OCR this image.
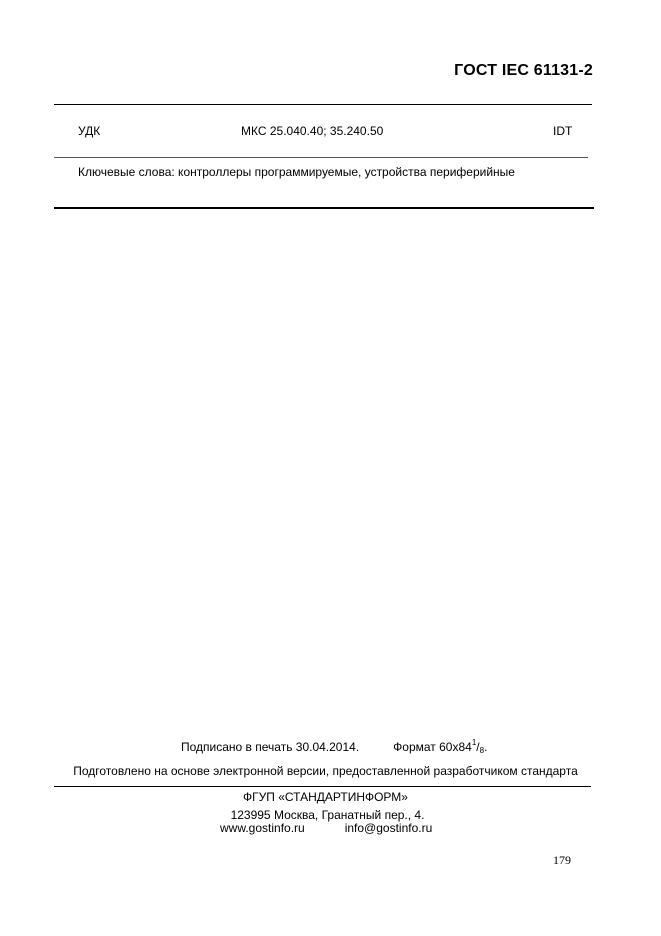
ГОСТ IEC 61131-2
УДК	МКС 25.040.40; 35.240.50	IDT
Ключевые слова: контроллеры программируемые, устройства периферийные
Подписано в печать 30.04.2014.	Формат $60х84^1/8$.
Подготовлено на основе электронной версии, предоставленной разработчиком стандарта
ФГУП «СТАНДАРТИНФОРМ»
123995 Москва, Гранатный пер., 4.
www.gostinfo.ru	info@gostinfo.ru
179
